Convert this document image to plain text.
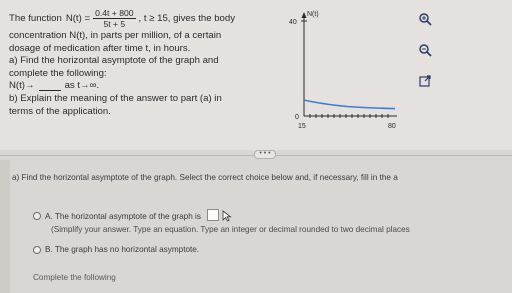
The function $N(t) = \frac{0.4t + 800}{5t + 5}$ , t ≥ 15, gives the body
concentration N(t), in parts per million, of a certain
dosage of medication after time t, in hours.
a) Find the horizontal asymptote of the graph and
complete the following:
N(t)→	as t→∞.
b) Explain the meaning of the answer to part (a) in
terms of the application.
N(t)
40
0
15	80
• • •
a) Find the horizontal asymptote of the graph. Select the correct choice below and, if necessary, fill in the a
A. The horizontal asymptote of the graph is
(Simplify your answer. Type an equation. Type an integer or decimal rounded to two decimal places
B. The graph has no horizontal asymptote.
Complete the following
